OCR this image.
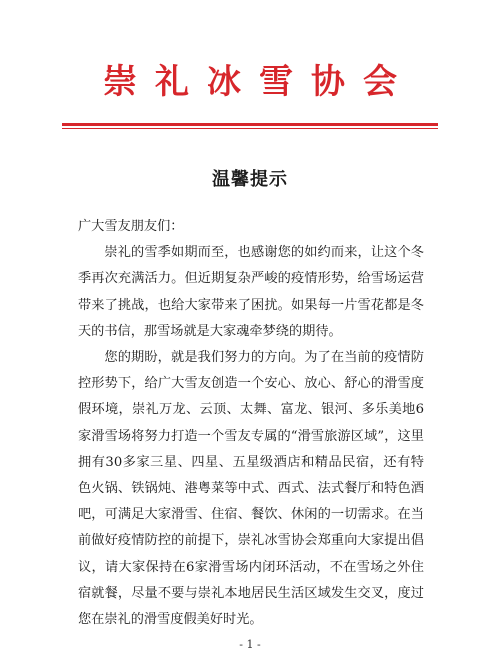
崇礼冰雪协会
温馨提示

广大雪友朋友们：

崇礼的雪季如期而至，也感谢您的如约而来，让这个冬季再次充满活力。但近期复杂严峻的疫情形势，给雪场运营带来了挑战，也给大家带来了困扰。如果每一片雪花都是冬天的书信，那雪场就是大家魂牵梦绕的期待。

您的期盼，就是我们努力的方向。为了在当前的疫情防控形势下，给广大雪友创造一个安心、放心、舒心的滑雪度假环境，崇礼万龙、云顶、太舞、富龙、银河、多乐美地6家滑雪场将努力打造一个雪友专属的“滑雪旅游区域”，这里拥有30多家三星、四星、五星级酒店和精品民宿，还有特色火锅、铁锅炖、港粤菜等中式、西式、法式餐厅和特色酒吧，可满足大家滑雪、住宿、餐饮、休闲的一切需求。在当前做好疫情防控的前提下，崇礼冰雪协会郑重向大家提出倡议，请大家保持在6家滑雪场内闭环活动，不在雪场之外住宿就餐，尽量不要与崇礼本地居民生活区域发生交叉，度过您在崇礼的滑雪度假美好时光。

- 1 -
